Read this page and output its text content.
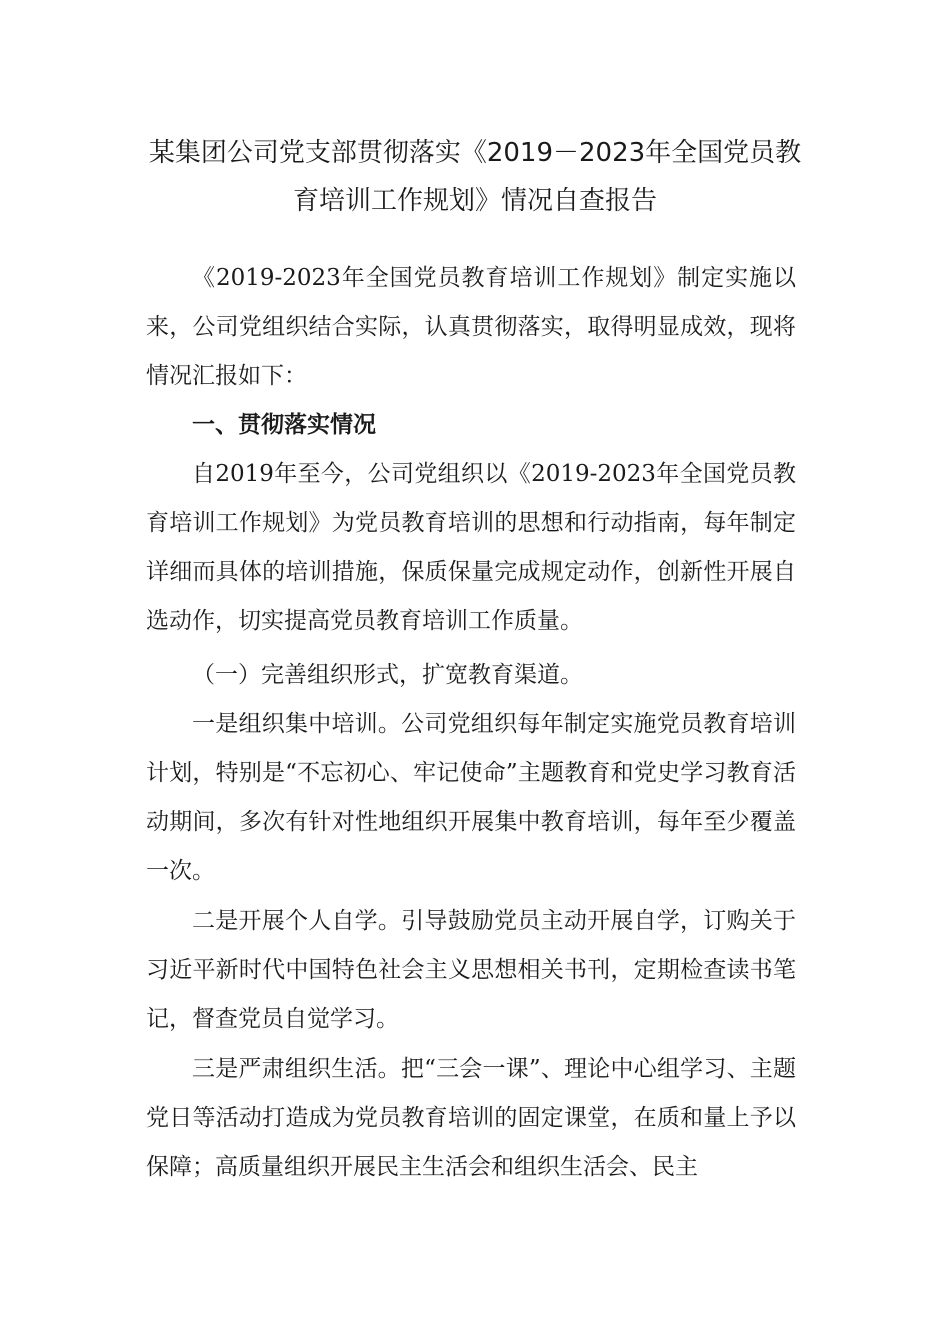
某集团公司党支部贯彻落实《2019－2023年全国党员教
育培训工作规划》情况自查报告

《2019-2023年全国党员教育培训工作规划》制定实施以来，公司党组织结合实际，认真贯彻落实，取得明显成效，现将情况汇报如下：

一、贯彻落实情况

自2019年至今，公司党组织以《2019-2023年全国党员教育培训工作规划》为党员教育培训的思想和行动指南，每年制定详细而具体的培训措施，保质保量完成规定动作，创新性开展自选动作，切实提高党员教育培训工作质量。

（一）完善组织形式，扩宽教育渠道。

一是组织集中培训。公司党组织每年制定实施党员教育培训计划，特别是“不忘初心、牢记使命”主题教育和党史学习教育活动期间，多次有针对性地组织开展集中教育培训，每年至少覆盖一次。

二是开展个人自学。引导鼓励党员主动开展自学，订购关于习近平新时代中国特色社会主义思想相关书刊，定期检查读书笔记，督查党员自觉学习。

三是严肃组织生活。把“三会一课”、理论中心组学习、主题党日等活动打造成为党员教育培训的固定课堂，在质和量上予以保障；高质量组织开展民主生活会和组织生活会、民主
